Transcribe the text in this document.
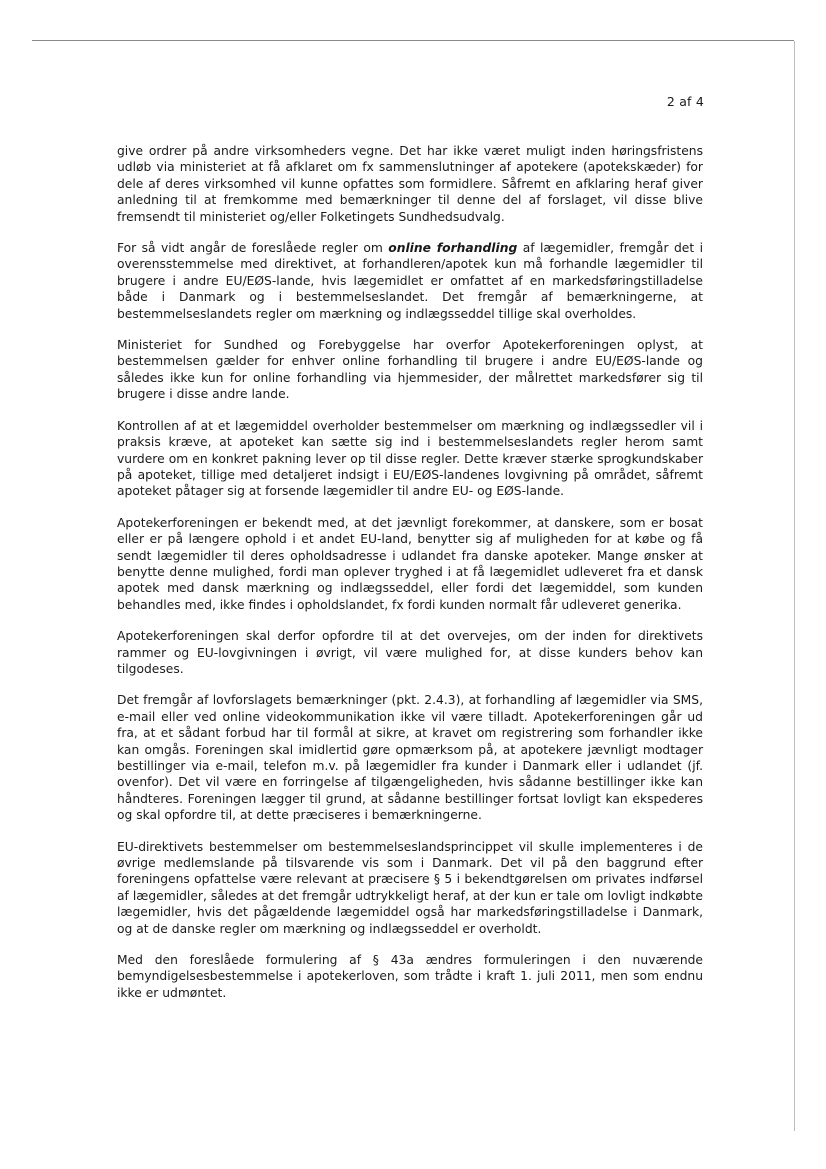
2 af 4

give ordrer på andre virksomheders vegne. Det har ikke været muligt inden høringsfristens udløb via ministeriet at få afklaret om fx sammenslutninger af apotekere (apotekskæder) for dele af deres virksomhed vil kunne opfattes som formidlere. Såfremt en afklaring heraf giver anledning til at fremkomme med bemærkninger til denne del af forslaget, vil disse blive fremsendt til ministeriet og/eller Folketingets Sundhedsudvalg.

For så vidt angår de foreslåede regler om online forhandling af lægemidler, fremgår det i overensstemmelse med direktivet, at forhandleren/apotek kun må forhandle lægemidler til brugere i andre EU/EØS-lande, hvis lægemidlet er omfattet af en markedsføringstilladelse både i Danmark og i bestemmelseslandet. Det fremgår af bemærkningerne, at bestemmelseslandets regler om mærkning og indlægsseddel tillige skal overholdes.

Ministeriet for Sundhed og Forebyggelse har overfor Apotekerforeningen oplyst, at bestemmelsen gælder for enhver online forhandling til brugere i andre EU/EØS-lande og således ikke kun for online forhandling via hjemmesider, der målrettet markedsfører sig til brugere i disse andre lande.

Kontrollen af at et lægemiddel overholder bestemmelser om mærkning og indlægssedler vil i praksis kræve, at apoteket kan sætte sig ind i bestemmelseslandets regler herom samt vurdere om en konkret pakning lever op til disse regler. Dette kræver stærke sprogkundskaber på apoteket, tillige med detaljeret indsigt i EU/EØS-landenes lovgivning på området, såfremt apoteket påtager sig at forsende lægemidler til andre EU- og EØS-lande.

Apotekerforeningen er bekendt med, at det jævnligt forekommer, at danskere, som er bosat eller er på længere ophold i et andet EU-land, benytter sig af muligheden for at købe og få sendt lægemidler til deres opholdsadresse i udlandet fra danske apoteker. Mange ønsker at benytte denne mulighed, fordi man oplever tryghed i at få lægemidlet udleveret fra et dansk apotek med dansk mærkning og indlægsseddel, eller fordi det lægemiddel, som kunden behandles med, ikke findes i opholdslandet, fx fordi kunden normalt får udleveret generika.

Apotekerforeningen skal derfor opfordre til at det overvejes, om der inden for direktivets rammer og EU-lovgivningen i øvrigt, vil være mulighed for, at disse kunders behov kan tilgodeses.

Det fremgår af lovforslagets bemærkninger (pkt. 2.4.3), at forhandling af lægemidler via SMS, e-mail eller ved online videokommunikation ikke vil være tilladt. Apotekerforeningen går ud fra, at et sådant forbud har til formål at sikre, at kravet om registrering som forhandler ikke kan omgås. Foreningen skal imidlertid gøre opmærksom på, at apotekere jævnligt modtager bestillinger via e-mail, telefon m.v. på lægemidler fra kunder i Danmark eller i udlandet (jf. ovenfor). Det vil være en forringelse af tilgængeligheden, hvis sådanne bestillinger ikke kan håndteres. Foreningen lægger til grund, at sådanne bestillinger fortsat lovligt kan ekspederes og skal opfordre til, at dette præciseres i bemærkningerne.

EU-direktivets bestemmelser om bestemmelseslandsprincippet vil skulle implementeres i de øvrige medlemslande på tilsvarende vis som i Danmark. Det vil på den baggrund efter foreningens opfattelse være relevant at præcisere § 5 i bekendtgørelsen om privates indførsel af lægemidler, således at det fremgår udtrykkeligt heraf, at der kun er tale om lovligt indkøbte lægemidler, hvis det pågældende lægemiddel også har markedsføringstilladelse i Danmark, og at de danske regler om mærkning og indlægsseddel er overholdt.

Med den foreslåede formulering af § 43a ændres formuleringen i den nuværende bemyndigelsesbestemmelse i apotekerloven, som trådte i kraft 1. juli 2011, men som endnu ikke er udmøntet.
